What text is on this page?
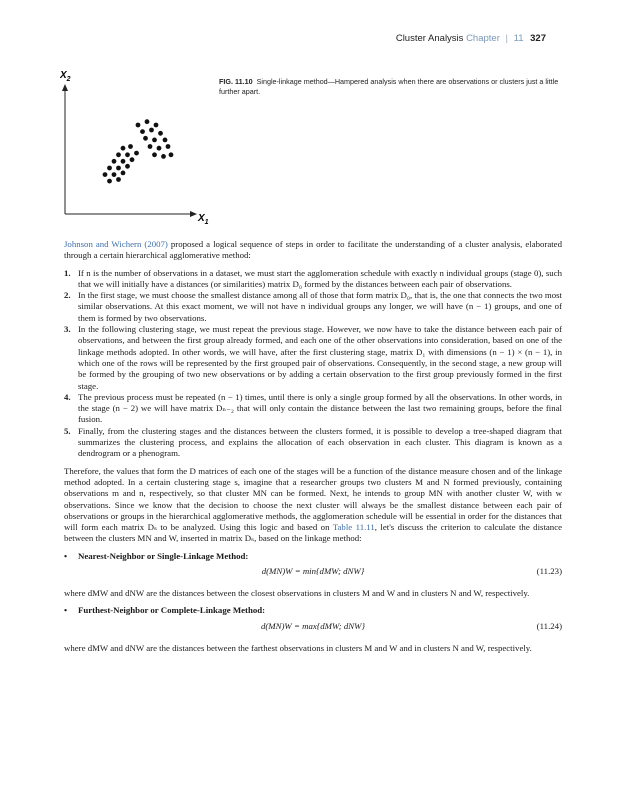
Cluster Analysis Chapter | 11 327
$X_2$
$X_1$
FIG. 11.10 Single-linkage method—Hampered analysis when there are observations or clusters just a little further apart.

Johnson and Wichern (2007) proposed a logical sequence of steps in order to facilitate the understanding of a cluster analysis, elaborated through a certain hierarchical agglomerative method:

1. If n is the number of observations in a dataset, we must start the agglomeration schedule with exactly n individual groups (stage 0), such that we will initially have a distances (or similarities) matrix D₀ formed by the distances between each pair of observations.
2. In the first stage, we must choose the smallest distance among all of those that form matrix D₀, that is, the one that connects the two most similar observations. At this exact moment, we will not have n individual groups any longer, we will have (n − 1) groups, and one of them is formed by two observations.
3. In the following clustering stage, we must repeat the previous stage. However, we now have to take the distance between each pair of observations, and between the first group already formed, and each one of the other observations into consideration, based on one of the linkage methods adopted. In other words, we will have, after the first clustering stage, matrix D₁ with dimensions (n − 1) × (n − 1), in which one of the rows will be represented by the first grouped pair of observations. Consequently, in the second stage, a new group will be formed by the grouping of two new observations or by adding a certain observation to the first group previously formed in the first stage.
4. The previous process must be repeated (n − 1) times, until there is only a single group formed by all the observations. In other words, in the stage (n − 2) we will have matrix Dₙ₋₂ that will only contain the distance between the last two remaining groups, before the final fusion.
5. Finally, from the clustering stages and the distances between the clusters formed, it is possible to develop a tree-shaped diagram that summarizes the clustering process, and explains the allocation of each observation in each cluster. This diagram is known as a dendrogram or a phenogram.

Therefore, the values that form the D matrices of each one of the stages will be a function of the distance measure chosen and of the linkage method adopted. In a certain clustering stage s, imagine that a researcher groups two clusters M and N formed previously, containing observations m and n, respectively, so that cluster MN can be formed. Next, he intends to group MN with another cluster W, with w observations. Since we know that the decision to choose the next cluster will always be the smallest distance between each pair of observations or groups in the hierarchical agglomerative methods, the agglomeration schedule will be essential in order for the distances that will form each matrix Dₛ to be analyzed. Using this logic and based on Table 11.11, let's discuss the criterion to calculate the distance between the clusters MN and W, inserted in matrix Dₛ, based on the linkage method:

• Nearest-Neighbor or Single-Linkage Method:
d(MN)W = min{dMW; dNW}	(11.23)

where dMW and dNW are the distances between the closest observations in clusters M and W and in clusters N and W, respectively.

• Furthest-Neighbor or Complete-Linkage Method:
d(MN)W = max{dMW; dNW}	(11.24)

where dMW and dNW are the distances between the farthest observations in clusters M and W and in clusters N and W, respectively.
